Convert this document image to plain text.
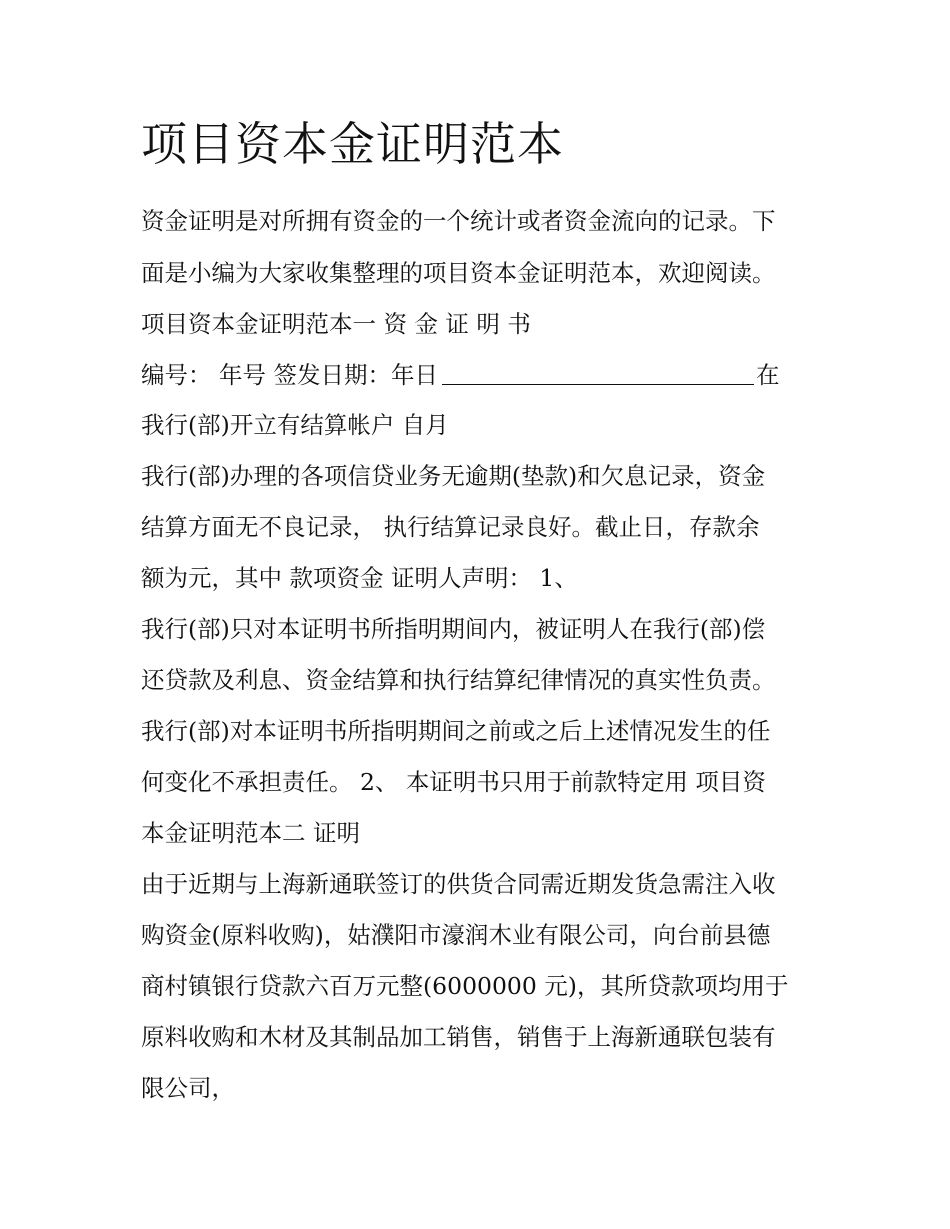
项目资本金证明范本
资金证明是对所拥有资金的一个统计或者资金流向的记录。下
面是小编为大家收集整理的项目资本金证明范本，欢迎阅读。
项目资本金证明范本一 资 金 证 明 书
编号： 年号 签发日期：年日	在
我行(部)开立有结算帐户 自月
我行(部)办理的各项信贷业务无逾期(垫款)和欠息记录，资金
结算方面无不良记录， 执行结算记录良好。截止日，存款余
额为元，其中 款项资金 证明人声明： 1、
我行(部)只对本证明书所指明期间内，被证明人在我行(部)偿
还贷款及利息、资金结算和执行结算纪律情况的真实性负责。
我行(部)对本证明书所指明期间之前或之后上述情况发生的任
何变化不承担责任。 2、 本证明书只用于前款特定用 项目资
本金证明范本二 证明
由于近期与上海新通联签订的供货合同需近期发货急需注入收
购资金(原料收购)，姑濮阳市濠润木业有限公司，向台前县德
商村镇银行贷款六百万元整(6000000 元)，其所贷款项均用于
原料收购和木材及其制品加工销售，销售于上海新通联包装有
限公司，
